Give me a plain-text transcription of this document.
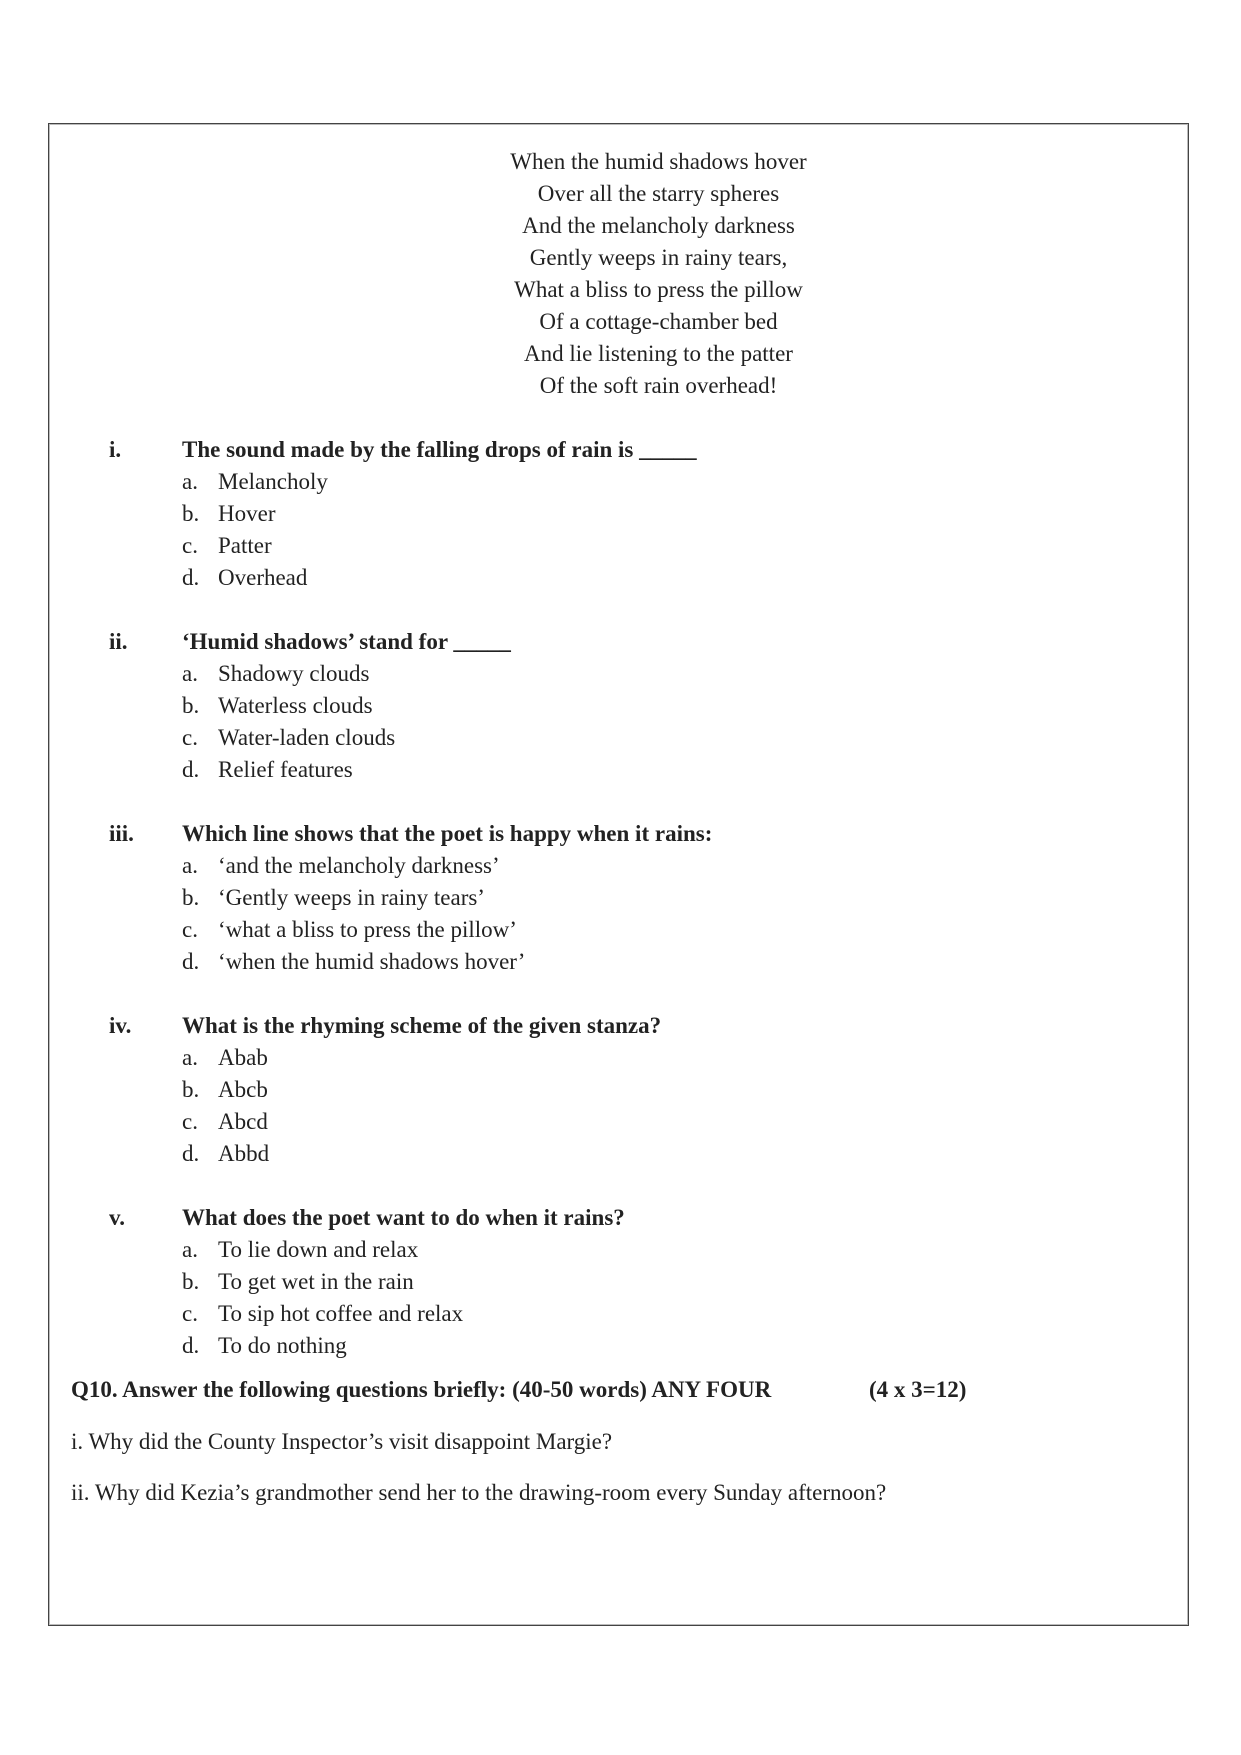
When the humid shadows hover
Over all the starry spheres
And the melancholy darkness
Gently weeps in rainy tears,
What a bliss to press the pillow
Of a cottage-chamber bed
And lie listening to the patter
Of the soft rain overhead!
i.	The sound made by the falling drops of rain is _____
a. Melancholy
b. Hover
c. Patter
d. Overhead
ii. ‘Humid shadows’ stand for _____
a. Shadowy clouds
b. Waterless clouds
c. Water-laden clouds
d. Relief features
iii. Which line shows that the poet is happy when it rains:
a. ‘and the melancholy darkness’
b. ‘Gently weeps in rainy tears’
c. ‘what a bliss to press the pillow’
d. ‘when the humid shadows hover’
iv. What is the rhyming scheme of the given stanza?
a. Abab
b. Abcb
c. Abcd
d. Abbd
v. What does the poet want to do when it rains?
a. To lie down and relax
b. To get wet in the rain
c. To sip hot coffee and relax
d. To do nothing
Q10. Answer the following questions briefly: (40-50 words) ANY FOUR	(4 x 3=12)
i. Why did the County Inspector’s visit disappoint Margie?
ii. Why did Kezia’s grandmother send her to the drawing-room every Sunday afternoon?
